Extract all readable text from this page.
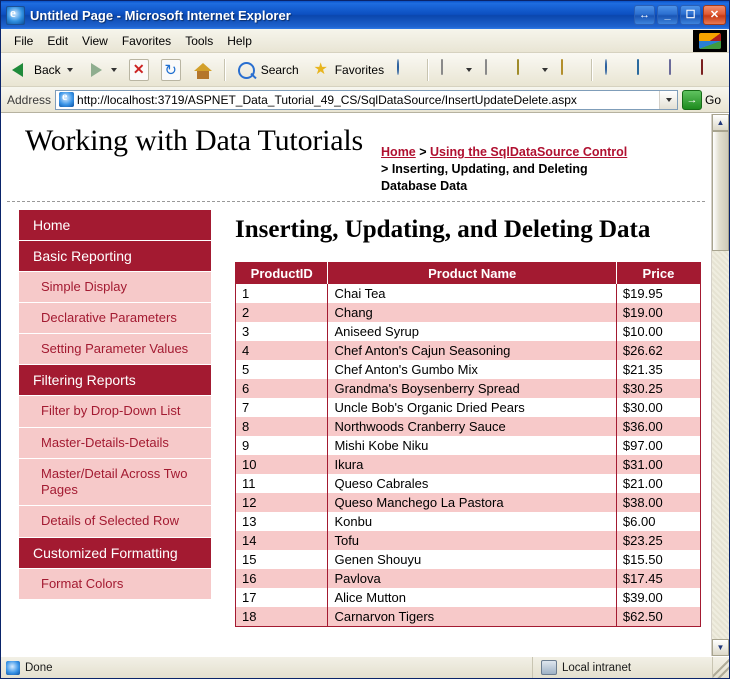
e
Untitled Page - Microsoft Internet Explorer	↔	_	☐	✕
File	Edit	View	Favorites	Tools	Help
Back	✕ ↻	Search ★ Favorites
Address e http://localhost:3719/ASPNET_Data_Tutorial_49_CS/SqlDataSource/InsertUpdateDelete.aspx	→ Go
Working with Data Tutorials	Home > Using the SqlDataSource Control > Inserting, Updating, and Deleting Database Data
Home
Basic Reporting
Simple Display
Declarative Parameters
Setting Parameter Values
Filtering Reports
Filter by Drop-Down List
Master-Details-Details
Master/Detail Across Two Pages
Details of Selected Row
Customized Formatting
Format Colors
Inserting, Updating, and Deleting Data
ProductID	Product Name	Price
1	Chai Tea	$19.95
2	Chang	$19.00
3	Aniseed Syrup	$10.00
4	Chef Anton's Cajun Seasoning	$26.62
5	Chef Anton's Gumbo Mix	$21.35
6	Grandma's Boysenberry Spread	$30.25
7	Uncle Bob's Organic Dried Pears	$30.00
8	Northwoods Cranberry Sauce	$36.00
9	Mishi Kobe Niku	$97.00
10	Ikura	$31.00
11	Queso Cabrales	$21.00
12	Queso Manchego La Pastora	$38.00
13	Konbu	$6.00
14	Tofu	$23.25
15	Genen Shouyu	$15.50
16	Pavlova	$17.45
17	Alice Mutton	$39.00
18	Carnarvon Tigers	$62.50
▲
▼
Done	Local intranet
